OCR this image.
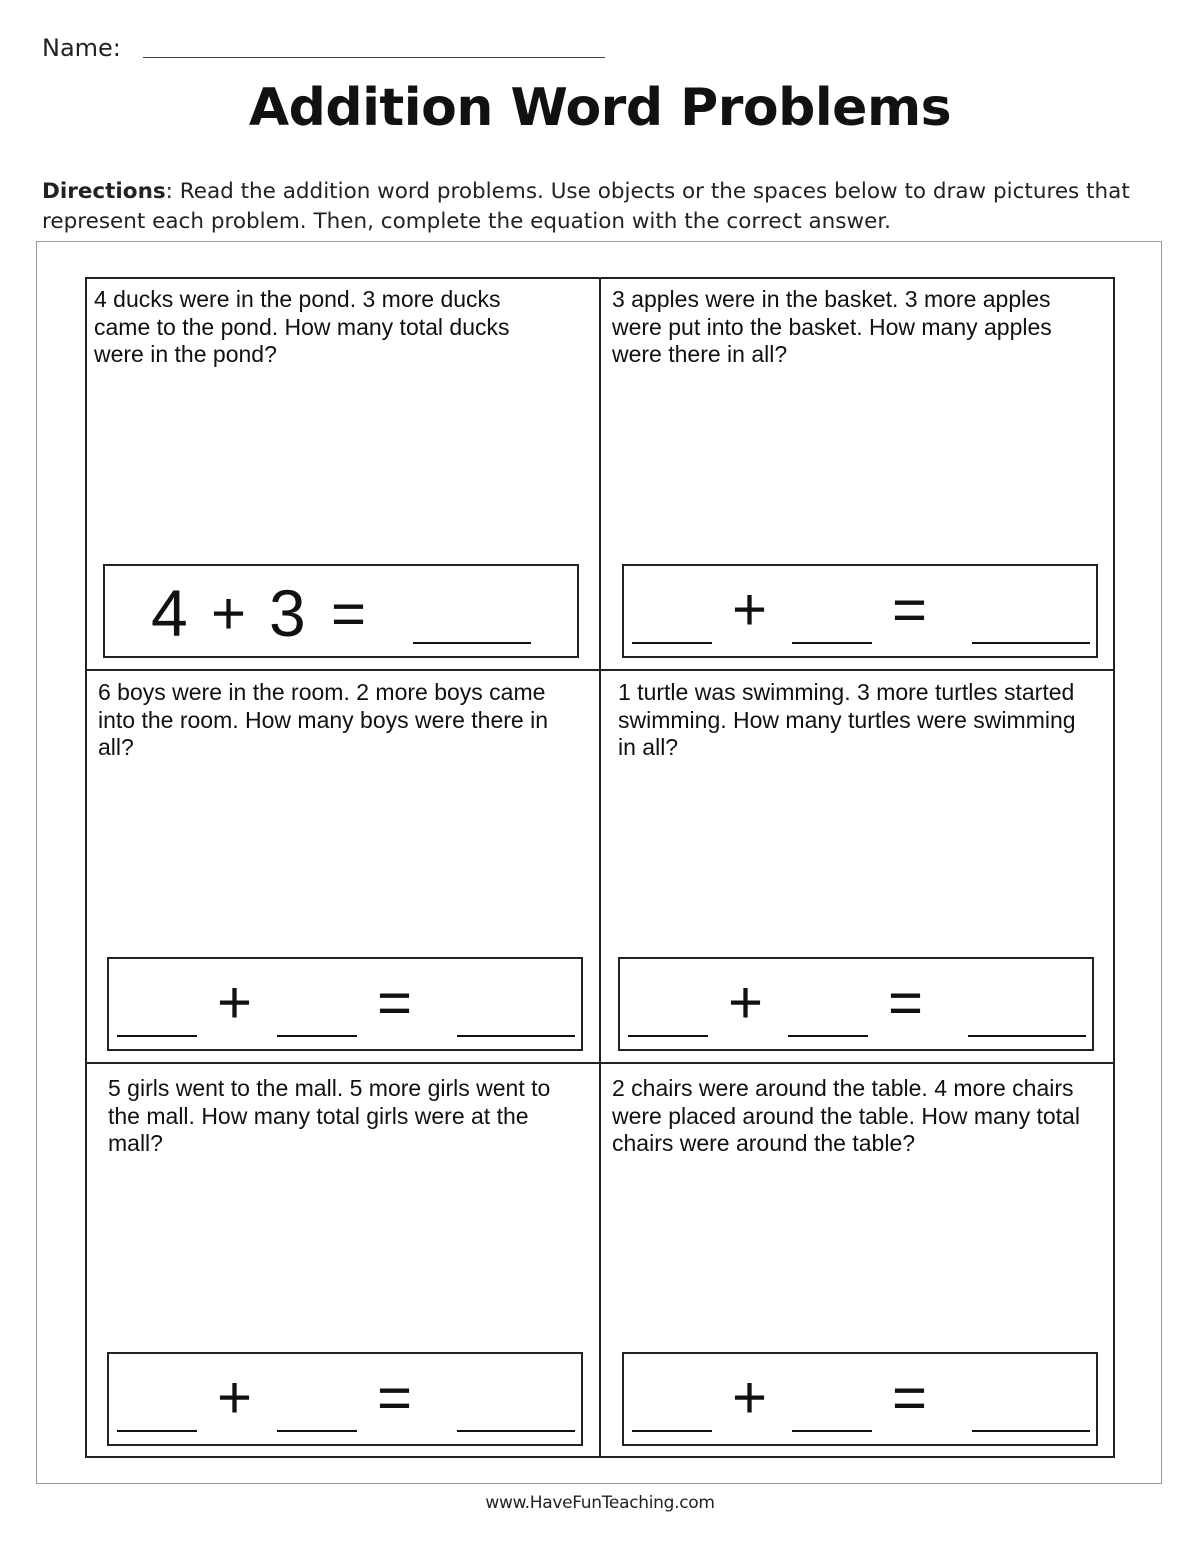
Name:
Addition Word Problems
Directions: Read the addition word problems. Use objects or the spaces below to draw pictures that represent each problem. Then, complete the equation with the correct answer.
4 ducks were in the pond. 3 more ducks came to the pond. How many total ducks were in the pond?
4 + 3 =
3 apples were in the basket. 3 more apples were put into the basket. How many apples were there in all?
+ =
6 boys were in the room. 2 more boys came into the room. How many boys were there in all?
+ =
1 turtle was swimming. 3 more turtles started swimming. How many turtles were swimming in all?
+ =
5 girls went to the mall. 5 more girls went to the mall. How many total girls were at the mall?
+ =
2 chairs were around the table. 4 more chairs were placed around the table. How many total chairs were around the table?
+ =
www.HaveFunTeaching.com
